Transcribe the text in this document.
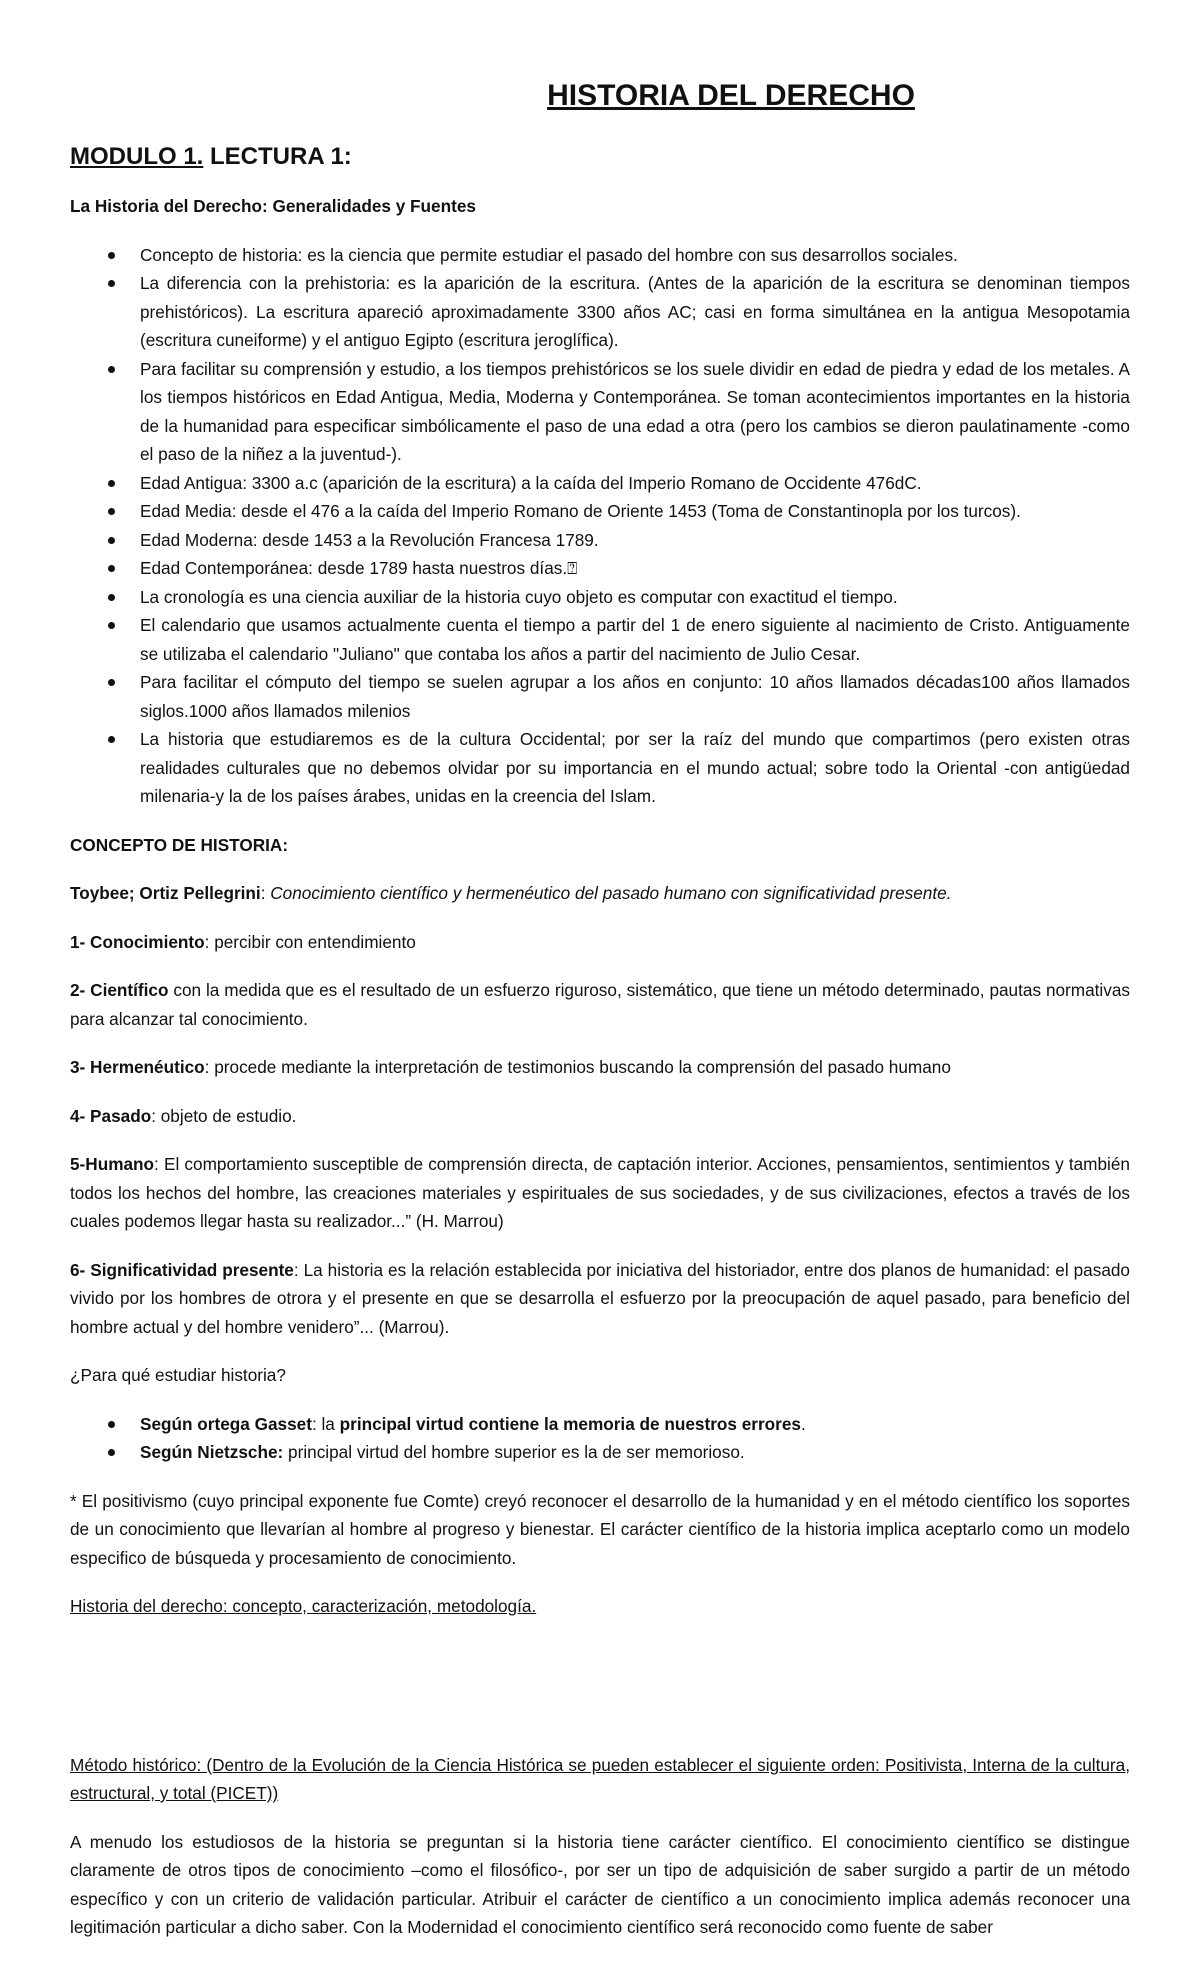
HISTORIA DEL DERECHO
MODULO 1. LECTURA 1:
La Historia del Derecho: Generalidades y Fuentes
Concepto de historia: es la ciencia que permite estudiar el pasado del hombre con sus desarrollos sociales.
La diferencia con la prehistoria: es la aparición de la escritura. (Antes de la aparición de la escritura se denominan tiempos prehistóricos). La escritura apareció aproximadamente 3300 años AC; casi en forma simultánea en la antigua Mesopotamia (escritura cuneiforme) y el antiguo Egipto (escritura jeroglífica).
Para facilitar su comprensión y estudio, a los tiempos prehistóricos se los suele dividir en edad de piedra y edad de los metales. A los tiempos históricos en Edad Antigua, Media, Moderna y Contemporánea. Se toman acontecimientos importantes en la historia de la humanidad para especificar simbólicamente el paso de una edad a otra (pero los cambios se dieron paulatinamente -como el paso de la niñez a la juventud-).
Edad Antigua: 3300 a.c (aparición de la escritura) a la caída del Imperio Romano de Occidente 476dC.
Edad Media: desde el 476 a la caída del Imperio Romano de Oriente 1453 (Toma de Constantinopla por los turcos).
Edad Moderna: desde 1453 a la Revolución Francesa 1789.
Edad Contemporánea: desde 1789 hasta nuestros días.⍰
La cronología es una ciencia auxiliar de la historia cuyo objeto es computar con exactitud el tiempo.
El calendario que usamos actualmente cuenta el tiempo a partir del 1 de enero siguiente al nacimiento de Cristo. Antiguamente se utilizaba el calendario "Juliano" que contaba los años a partir del nacimiento de Julio Cesar.
Para facilitar el cómputo del tiempo se suelen agrupar a los años en conjunto: 10 años llamados décadas100 años llamados siglos.1000 años llamados milenios
La historia que estudiaremos es de la cultura Occidental; por ser la raíz del mundo que compartimos (pero existen otras realidades culturales que no debemos olvidar por su importancia en el mundo actual; sobre todo la Oriental -con antigüedad milenaria-y la de los países árabes, unidas en la creencia del Islam.
CONCEPTO DE HISTORIA:
Toybee; Ortiz Pellegrini: Conocimiento científico y hermenéutico del pasado humano con significatividad presente.
1- Conocimiento: percibir con entendimiento
2- Científico con la medida que es el resultado de un esfuerzo riguroso, sistemático, que tiene un método determinado, pautas normativas para alcanzar tal conocimiento.
3- Hermenéutico: procede mediante la interpretación de testimonios buscando la comprensión del pasado humano
4- Pasado: objeto de estudio.
5-Humano: El comportamiento susceptible de comprensión directa, de captación interior. Acciones, pensamientos, sentimientos y también todos los hechos del hombre, las creaciones materiales y espirituales de sus sociedades, y de sus civilizaciones, efectos a través de los cuales podemos llegar hasta su realizador...” (H. Marrou)
6- Significatividad presente: La historia es la relación establecida por iniciativa del historiador, entre dos planos de humanidad: el pasado vivido por los hombres de otrora y el presente en que se desarrolla el esfuerzo por la preocupación de aquel pasado, para beneficio del hombre actual y del hombre venidero”... (Marrou).
¿Para qué estudiar historia?
Según ortega Gasset: la principal virtud contiene la memoria de nuestros errores.
Según Nietzsche: principal virtud del hombre superior es la de ser memorioso.
* El positivismo (cuyo principal exponente fue Comte) creyó reconocer el desarrollo de la humanidad y en el método científico los soportes de un conocimiento que llevarían al hombre al progreso y bienestar. El carácter científico de la historia implica aceptarlo como un modelo especifico de búsqueda y procesamiento de conocimiento.
Historia del derecho: concepto, caracterización, metodología.
Método histórico: (Dentro de la Evolución de la Ciencia Histórica se pueden establecer el siguiente orden: Positivista, Interna de la cultura, estructural, y total (PICET))
A menudo los estudiosos de la historia se preguntan si la historia tiene carácter científico. El conocimiento científico se distingue claramente de otros tipos de conocimiento –como el filosófico-, por ser un tipo de adquisición de saber surgido a partir de un método específico y con un criterio de validación particular. Atribuir el carácter de científico a un conocimiento implica además reconocer una legitimación particular a dicho saber. Con la Modernidad el conocimiento científico será reconocido como fuente de saber
